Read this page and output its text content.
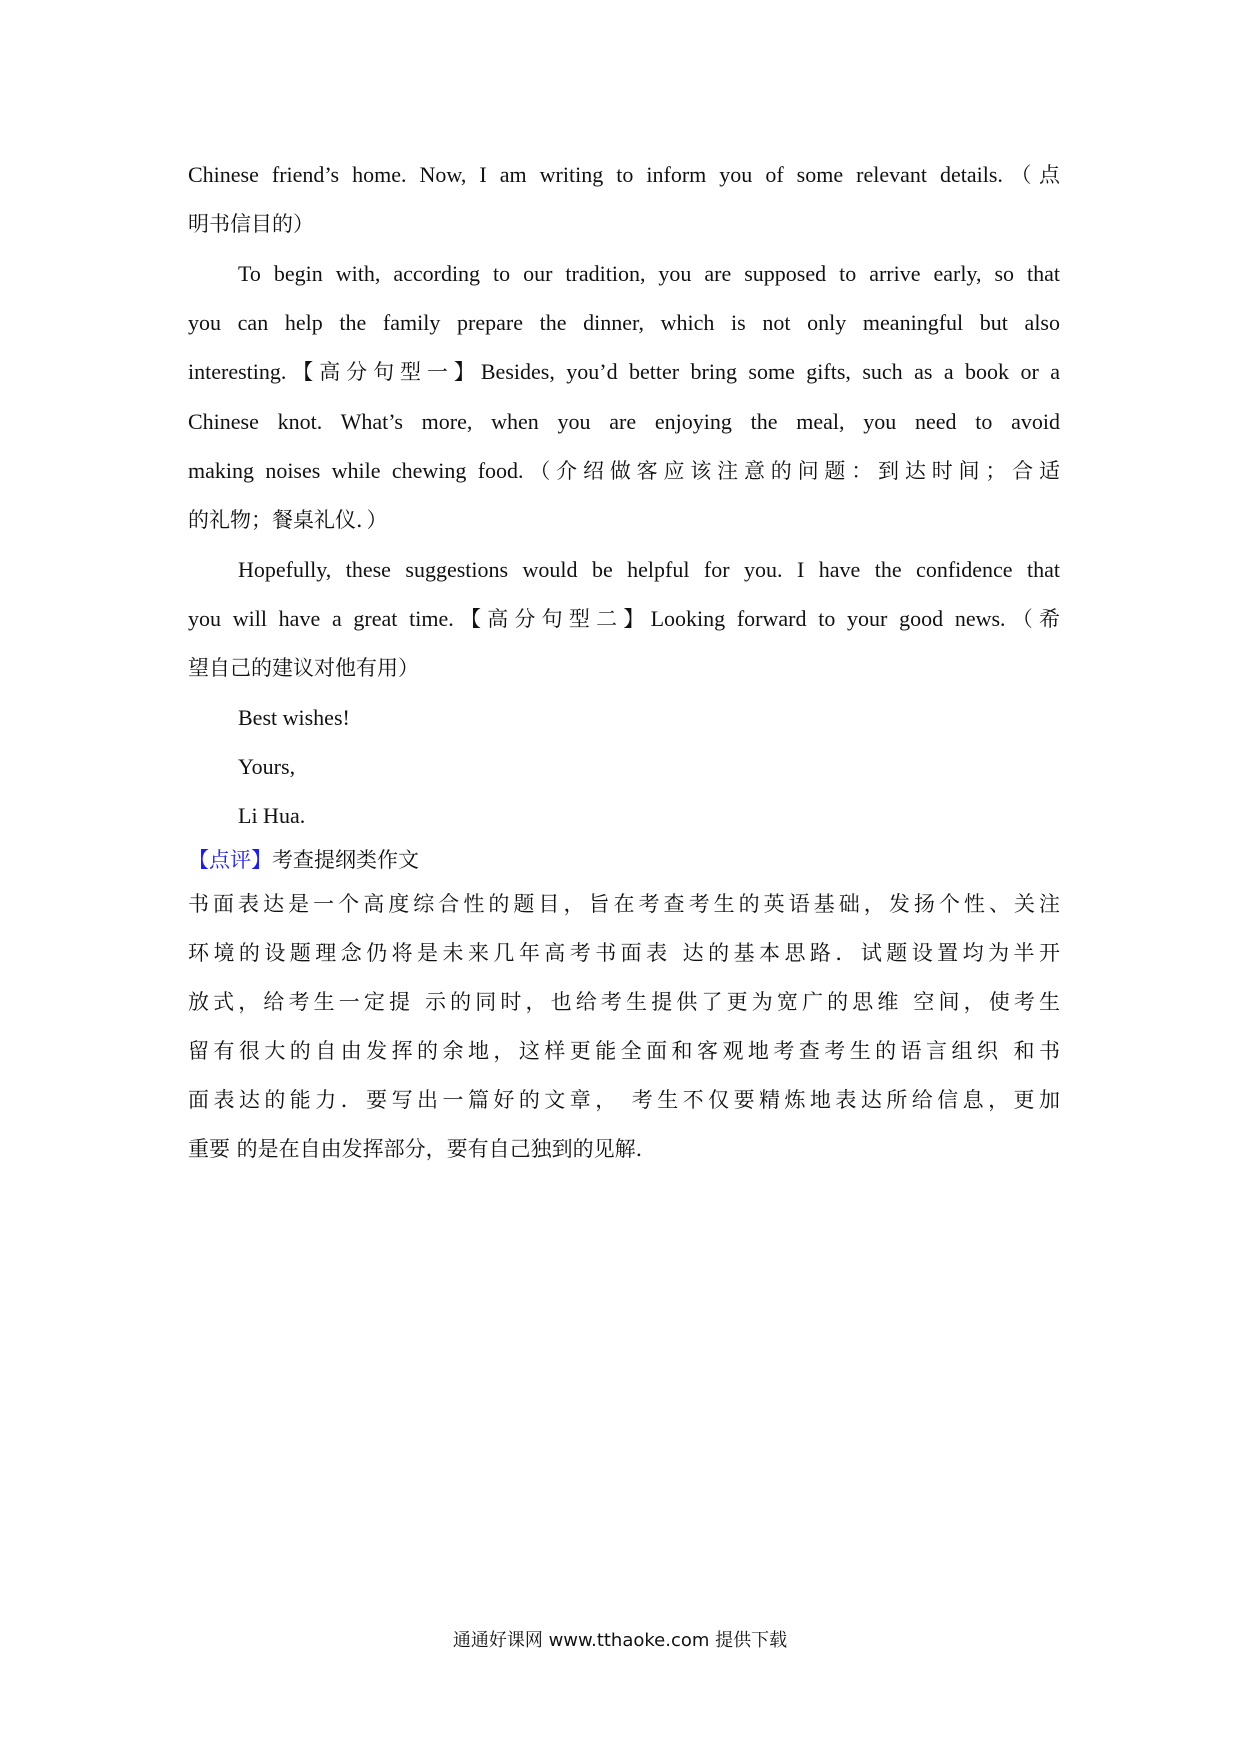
Chinese friend’s home. Now, I am writing to inform you of some relevant details.（点
明书信目的）
To begin with, according to our tradition, you are supposed to arrive early, so that
you can help the family prepare the dinner, which is not only meaningful but also
interesting.【高分句型一】Besides, you’d better bring some gifts, such as a book or a
Chinese knot. What’s more, when you are enjoying the meal, you need to avoid
making noises while chewing food.（介绍做客应该注意的问题：到达时间；合适
的礼物；餐桌礼仪．）
Hopefully, these suggestions would be helpful for you. I have the confidence that
you will have a great time.【高分句型二】Looking forward to your good news.（希
望自己的建议对他有用）
Best wishes!
Yours,
Li Hua.
【点评】考查提纲类作文
书面表达是一个高度综合性的题目，旨在考查考生的英语基础，发扬个性、关注
环境的设题理念仍将是未来几年高考书面表 达的基本思路．试题设置均为半开
放式，给考生一定提 示的同时，也给考生提供了更为宽广的思维 空间，使考生
留有很大的自由发挥的余地，这样更能全面和客观地考查考生的语言组织 和书
面表达的能力．要写出一篇好的文章， 考生不仅要精炼地表达所给信息，更加
重要 的是在自由发挥部分，要有自己独到的见解．
通通好课网 www.tthaoke.com 提供下载
